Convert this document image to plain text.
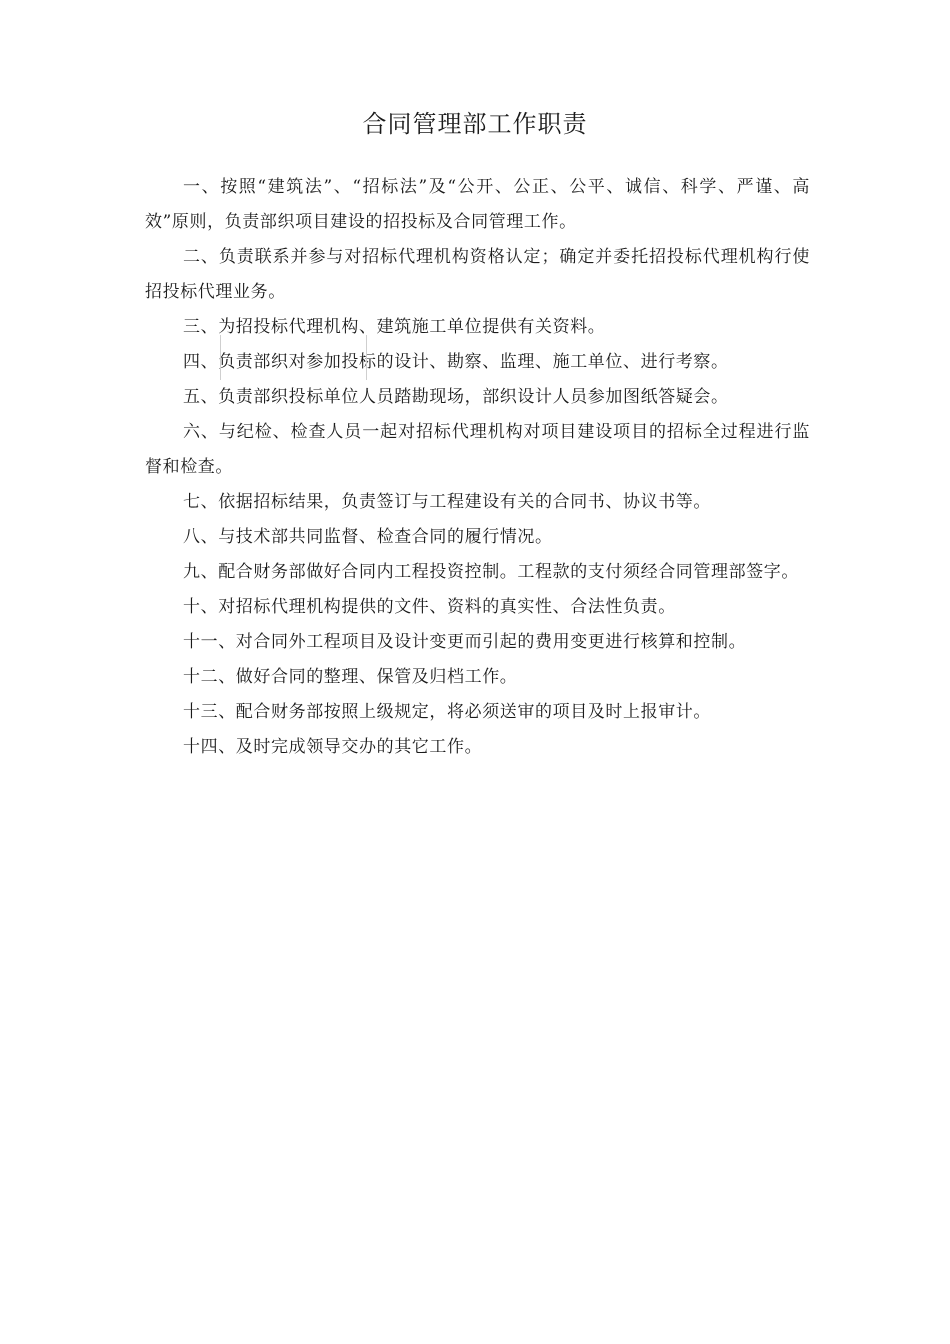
合同管理部工作职责

一、按照“建筑法”、“招标法”及“公开、公正、公平、诚信、科学、严谨、高效”原则，负责部织项目建设的招投标及合同管理工作。

二、负责联系并参与对招标代理机构资格认定；确定并委托招投标代理机构行使招投标代理业务。

三、为招投标代理机构、建筑施工单位提供有关资料。

四、负责部织对参加投标的设计、勘察、监理、施工单位、进行考察。

五、负责部织投标单位人员踏勘现场，部织设计人员参加图纸答疑会。

六、与纪检、检查人员一起对招标代理机构对项目建设项目的招标全过程进行监督和检查。

七、依据招标结果，负责签订与工程建设有关的合同书、协议书等。

八、与技术部共同监督、检查合同的履行情况。

九、配合财务部做好合同内工程投资控制。工程款的支付须经合同管理部签字。

十、对招标代理机构提供的文件、资料的真实性、合法性负责。

十一、对合同外工程项目及设计变更而引起的费用变更进行核算和控制。

十二、做好合同的整理、保管及归档工作。

十三、配合财务部按照上级规定，将必须送审的项目及时上报审计。

十四、及时完成领导交办的其它工作。
